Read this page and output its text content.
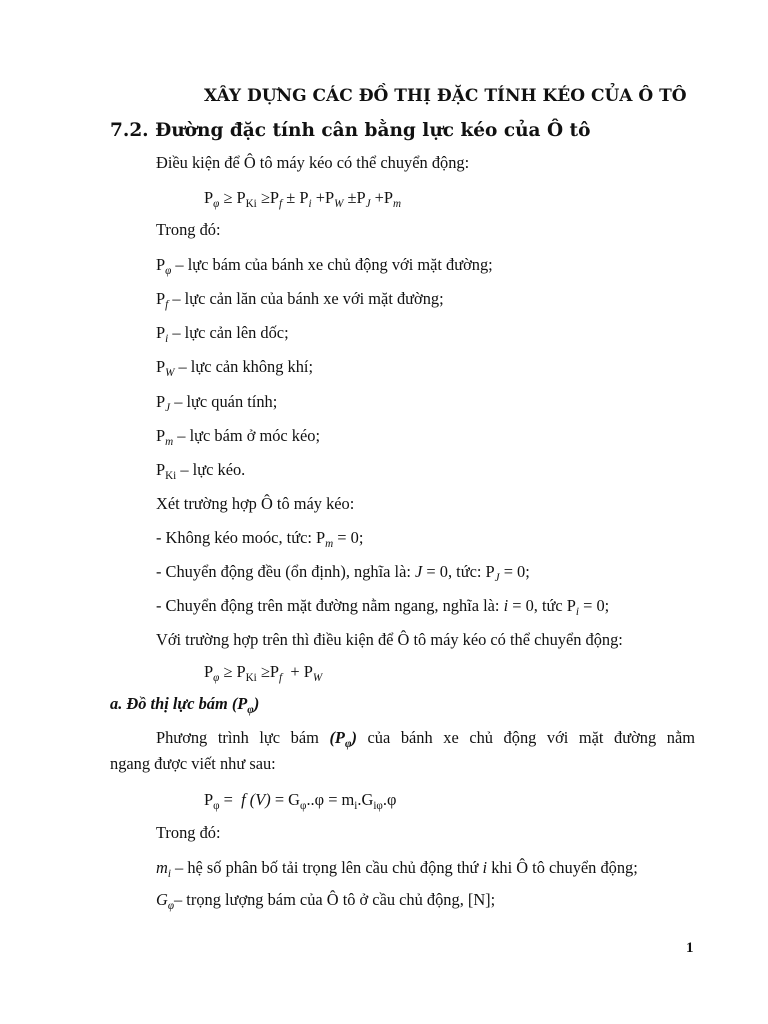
XÂY DỰNG CÁC ĐỒ THỊ ĐẶC TÍNH KÉO CỦA Ô TÔ
7.2. Đường đặc tính cân bằng lực kéo của Ô tô
Điều kiện để Ô tô máy kéo có thể chuyển động:
$P_\varphi \ge P_{Ki} \ge P_f \pm P_i +P_W \pm P_J +P_m$
Trong đó:
$P_\varphi$ – lực bám của bánh xe chủ động với mặt đường;
$P_f$ – lực cản lăn của bánh xe với mặt đường;
$P_i$ – lực cản lên dốc;
$P_W$ – lực cản không khí;
$P_J$ – lực quán tính;
$P_m$ – lực bám ở móc kéo;
$P_{Ki}$ – lực kéo.
Xét trường hợp Ô tô máy kéo:
- Không kéo moóc, tức: $P_m = 0$;
- Chuyển động đều (ổn định), nghĩa là: J = 0, tức: $P_J = 0$;
- Chuyển động trên mặt đường nằm ngang, nghĩa là: i = 0, tức $P_i = 0$;
Với trường hợp trên thì điều kiện để Ô tô máy kéo có thể chuyển động:
$P_\varphi \ge P_{Ki} \ge P_f + P_W$
a. Đồ thị lực bám $(P_\varphi)$
Phương trình lực bám $(P_\varphi)$ của bánh xe chủ động với mặt đường nằm
ngang được viết như sau:
$P_\varphi = f$ $(V) = G_\varphi..\varphi = m_i.G_{i\varphi}.\varphi$
Trong đó:
$m_i$ – hệ số phân bố tải trọng lên cầu chủ động thứ i khi Ô tô chuyển động;
$G_\varphi-$ trọng lượng bám của Ô tô ở cầu chủ động, [N];
1
